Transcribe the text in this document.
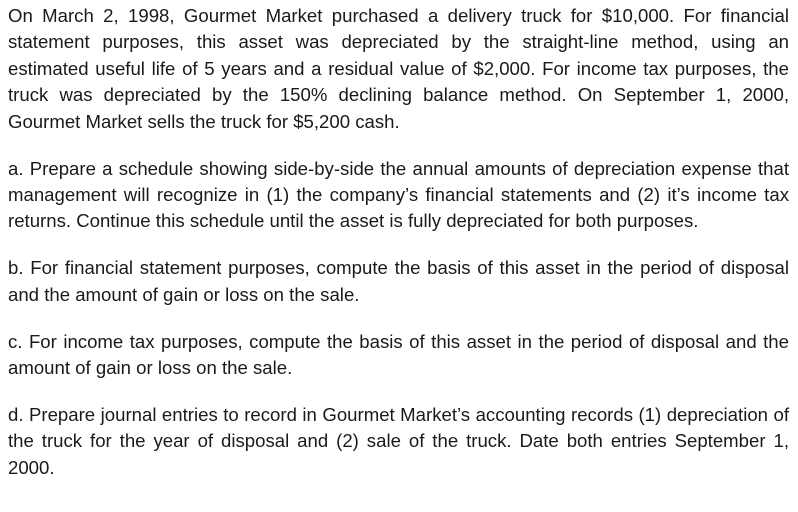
On March 2, 1998, Gourmet Market purchased a delivery truck for $10,000. For financial statement purposes, this asset was depreciated by the straight-line method, using an estimated useful life of 5 years and a residual value of $2,000. For income tax purposes, the truck was depreciated by the 150% declining balance method. On September 1, 2000, Gourmet Market sells the truck for $5,200 cash.

a. Prepare a schedule showing side-by-side the annual amounts of depreciation expense that management will recognize in (1) the company’s financial statements and (2) it’s income tax returns. Continue this schedule until the asset is fully depreciated for both purposes.

b. For financial statement purposes, compute the basis of this asset in the period of disposal and the amount of gain or loss on the sale.

c. For income tax purposes, compute the basis of this asset in the period of disposal and the amount of gain or loss on the sale.

d. Prepare journal entries to record in Gourmet Market’s accounting records (1) depreciation of the truck for the year of disposal and (2) sale of the truck. Date both entries September 1, 2000.
